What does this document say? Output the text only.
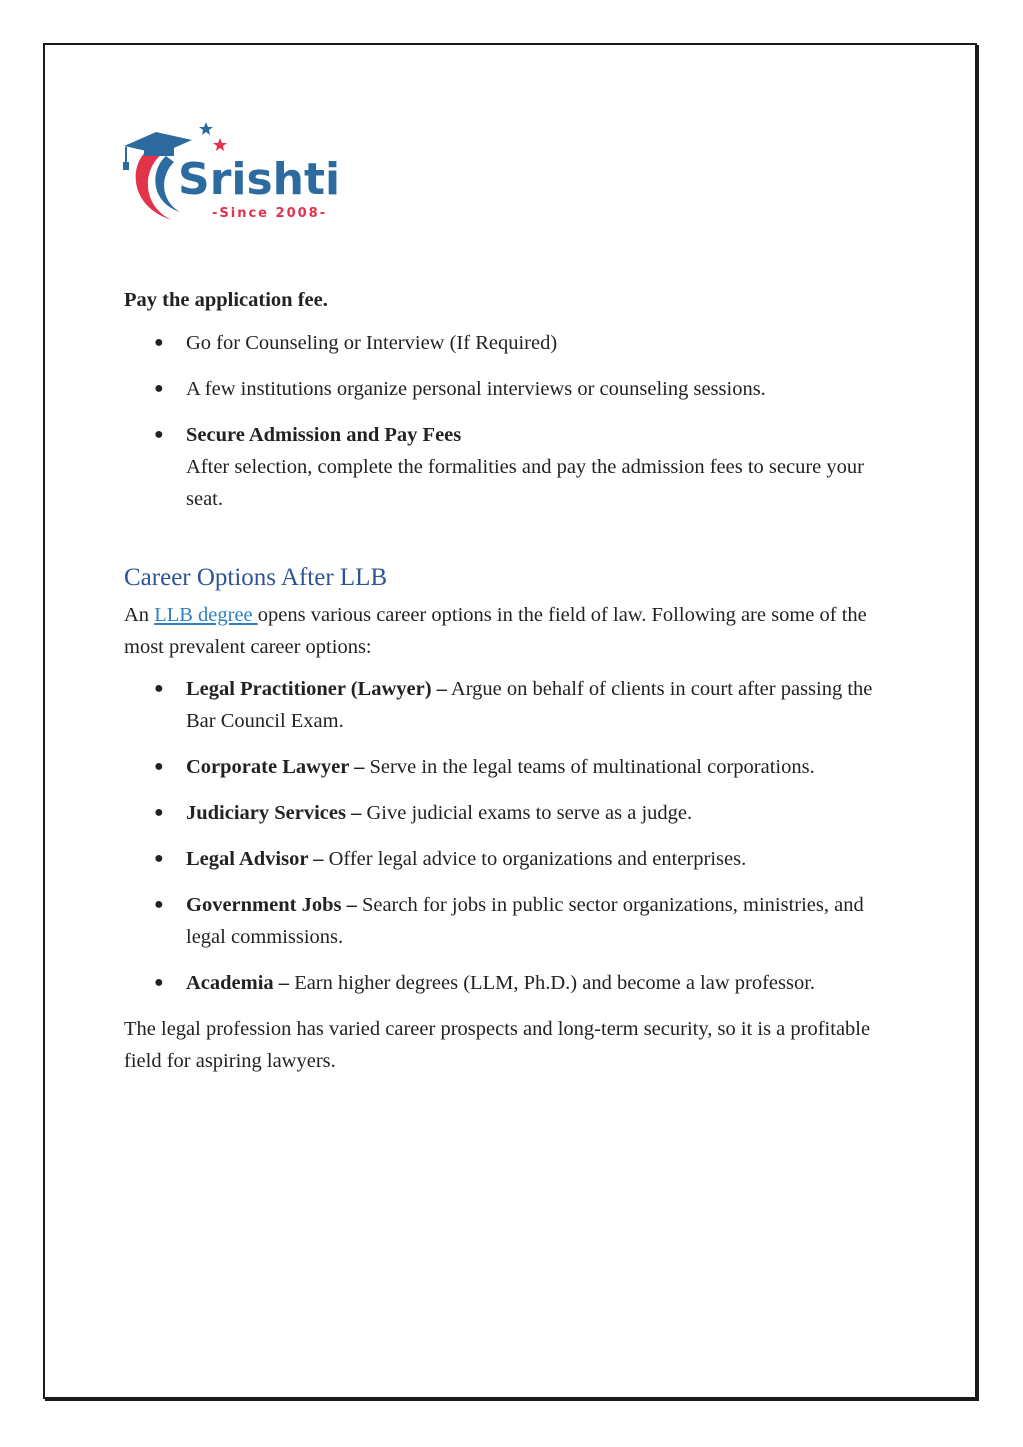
Srishti
-Since 2008-
Pay the application fee.
● Go for Counseling or Interview (If Required)
● A few institutions organize personal interviews or counseling sessions.
● Secure Admission and Pay Fees
After selection, complete the formalities and pay the admission fees to secure your seat.
Career Options After LLB
An LLB degree opens various career options in the field of law. Following are some of the most prevalent career options:
● Legal Practitioner (Lawyer) – Argue on behalf of clients in court after passing the Bar Council Exam.
● Corporate Lawyer – Serve in the legal teams of multinational corporations.
● Judiciary Services – Give judicial exams to serve as a judge.
● Legal Advisor – Offer legal advice to organizations and enterprises.
● Government Jobs – Search for jobs in public sector organizations, ministries, and legal commissions.
● Academia – Earn higher degrees (LLM, Ph.D.) and become a law professor.

The legal profession has varied career prospects and long-term security, so it is a profitable field for aspiring lawyers.
